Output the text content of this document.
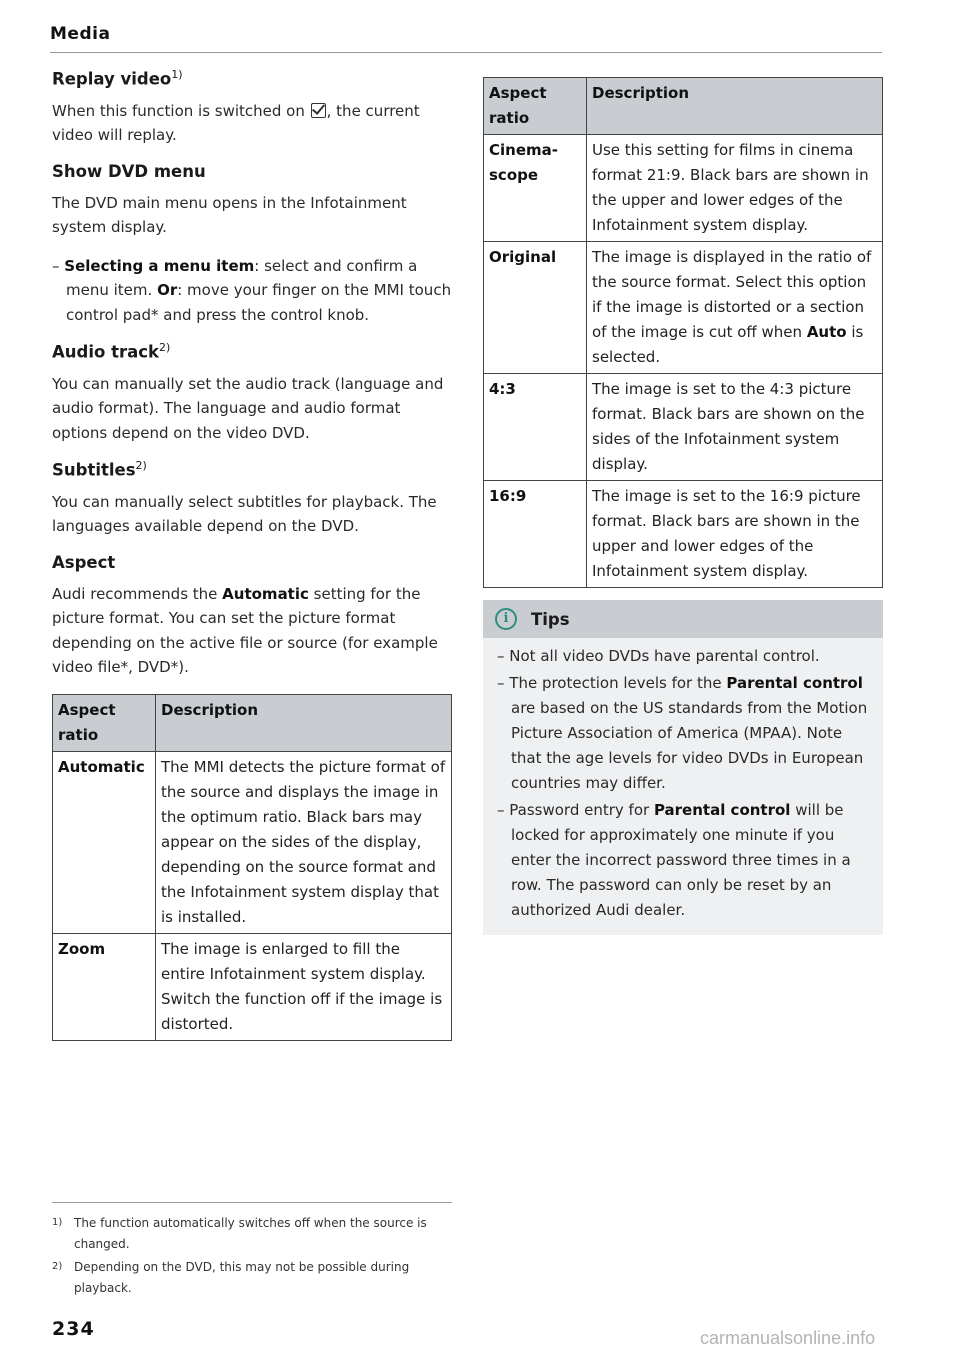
Media
Replay video$^{1)}$

When this function is switched on , the current video will replay.

Show DVD menu

The DVD main menu opens in the Infotainment system display.

– Selecting a menu item: select and confirm a menu item. Or: move your finger on the MMI touch control pad* and press the control knob.
Audio track$^{2)}$

You can manually set the audio track (language and audio format). The language and audio format options depend on the video DVD.

Subtitles$^{2)}$

You can manually select subtitles for playback. The languages available depend on the DVD.

Aspect

Audi recommends the Automatic setting for the picture format. You can set the picture format depending on the active file or source (for example video file*, DVD*).

Aspect ratio	Description
Automatic	The MMI detects the picture format of the source and displays the image in the optimum ratio. Black bars may appear on the sides of the display, depending on the source format and the Infotainment system display that is installed.
Zoom	The image is enlarged to fill the entire Infotainment system display. Switch the function off if the image is distorted.
Aspect ratio	Description
Cinema-scope	Use this setting for films in cinema format 21:9. Black bars are shown in the upper and lower edges of the Infotainment system display.
Original	The image is displayed in the ratio of the source format. Select this option if the image is distorted or a section of the image is cut off when Auto is selected.
4:3	The image is set to the 4:3 picture format. Black bars are shown on the sides of the Infotainment system display.
16:9	The image is set to the 16:9 picture format. Black bars are shown in the upper and lower edges of the Infotainment system display.
i	Tips
– Not all video DVDs have parental control.
– The protection levels for the Parental control are based on the US standards from the Motion Picture Association of America (MPAA). Note that the age levels for video DVDs in European countries may differ.
– Password entry for Parental control will be locked for approximately one minute if you enter the incorrect password three times in a row. The password can only be reset by an authorized Audi dealer.
1) The function automatically switches off when the source is changed.
2) Depending on the DVD, this may not be possible during playback.
234	carmanualsonline.info
